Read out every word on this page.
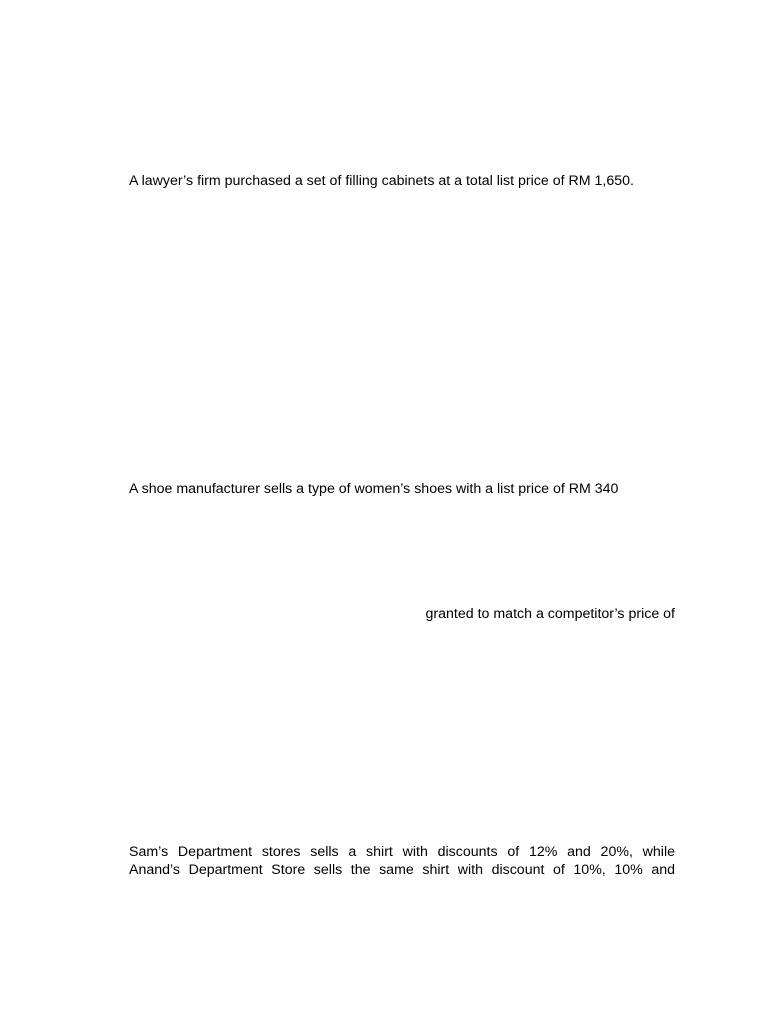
A lawyer’s firm purchased a set of filling cabinets at a total list price of RM 1,650.
A shoe manufacturer sells a type of women’s shoes with a list price of RM 340
granted to match a competitor’s price of
Sam’s Department stores sells a shirt with discounts of 12% and 20%, while
Anand’s Department Store sells the same shirt with discount of 10%, 10% and
